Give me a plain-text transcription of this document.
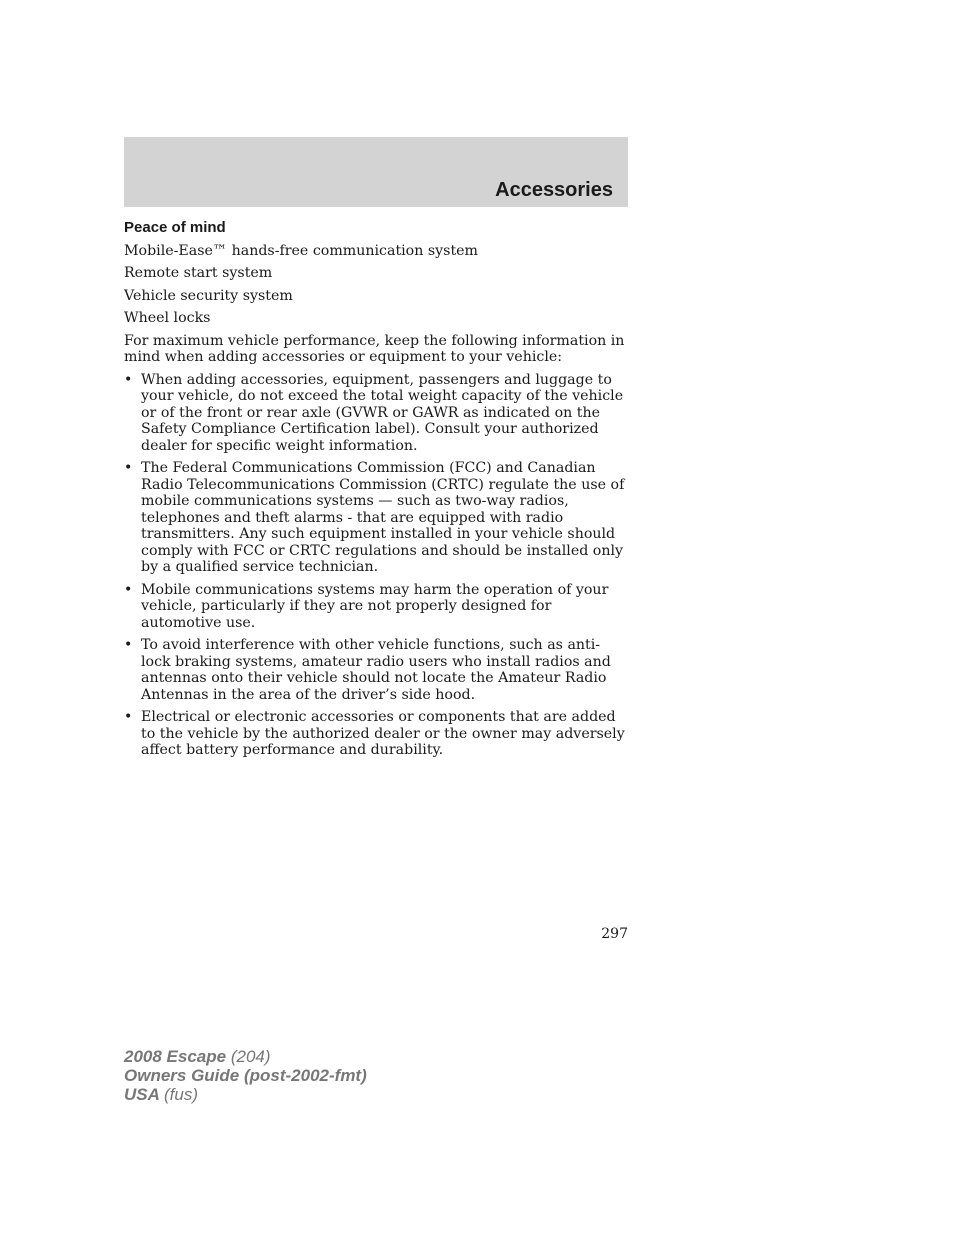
Accessories
Peace of mind

Mobile-Ease™ hands-free communication system

Remote start system

Vehicle security system

Wheel locks

For maximum vehicle performance, keep the following information in mind when adding accessories or equipment to your vehicle:

• When adding accessories, equipment, passengers and luggage to your vehicle, do not exceed the total weight capacity of the vehicle or of the front or rear axle (GVWR or GAWR as indicated on the Safety Compliance Certification label). Consult your authorized dealer for specific weight information.
• The Federal Communications Commission (FCC) and Canadian Radio Telecommunications Commission (CRTC) regulate the use of mobile communications systems — such as two-way radios, telephones and theft alarms - that are equipped with radio transmitters. Any such equipment installed in your vehicle should comply with FCC or CRTC regulations and should be installed only by a qualified service technician.
• Mobile communications systems may harm the operation of your vehicle, particularly if they are not properly designed for automotive use.
• To avoid interference with other vehicle functions, such as anti-lock braking systems, amateur radio users who install radios and antennas onto their vehicle should not locate the Amateur Radio Antennas in the area of the driver’s side hood.
• Electrical or electronic accessories or components that are added to the vehicle by the authorized dealer or the owner may adversely affect battery performance and durability.
297
2008 Escape (204)
Owners Guide (post-2002-fmt)
USA (fus)
